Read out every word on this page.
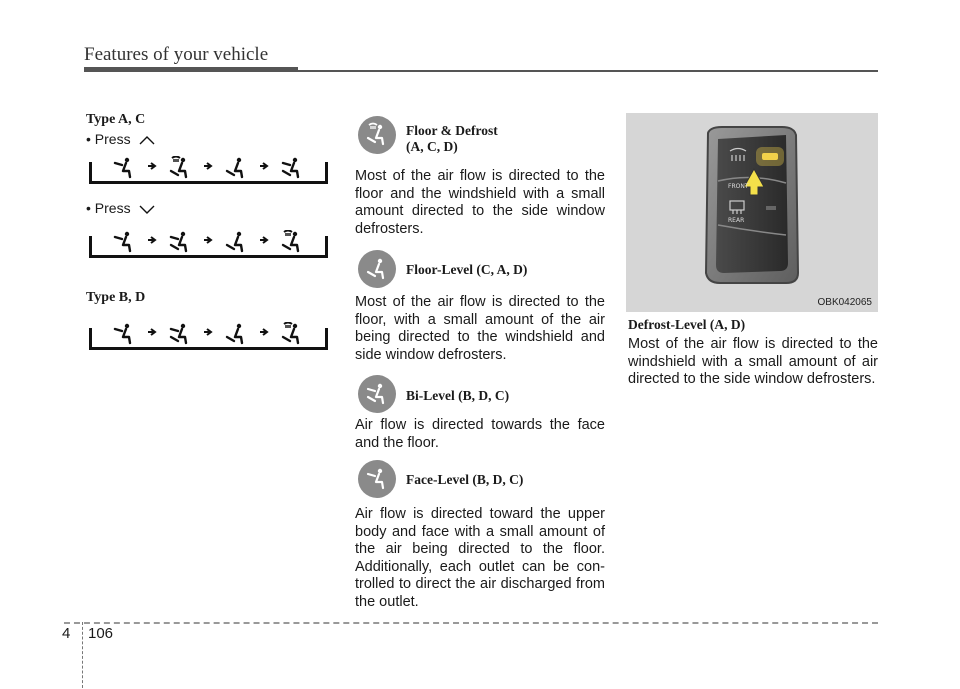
Features of your vehicle
Type A, C
• Press
• Press
Type B, D
Floor & Defrost
(A, C, D)
Most of the air flow is directed to the floor and the windshield with a small amount directed to the side window defrosters.
Floor-Level (C, A, D)
Most of the air flow is directed to the floor, with a small amount of the air being directed to the windshield and side window defrosters.
Bi-Level (B, D, C)
Air flow is directed towards the face and the floor.
Face-Level (B, D, C)
Air flow is directed toward the upper body and face with a small amount of the air being directed to the floor. Additionally, each outlet can be con- trolled to direct the air discharged from the outlet.
FRONT
REAR
OBK042065
Defrost-Level (A, D)
Most of the air flow is directed to the windshield with a small amount of air directed to the side window defrosters.
4 106
